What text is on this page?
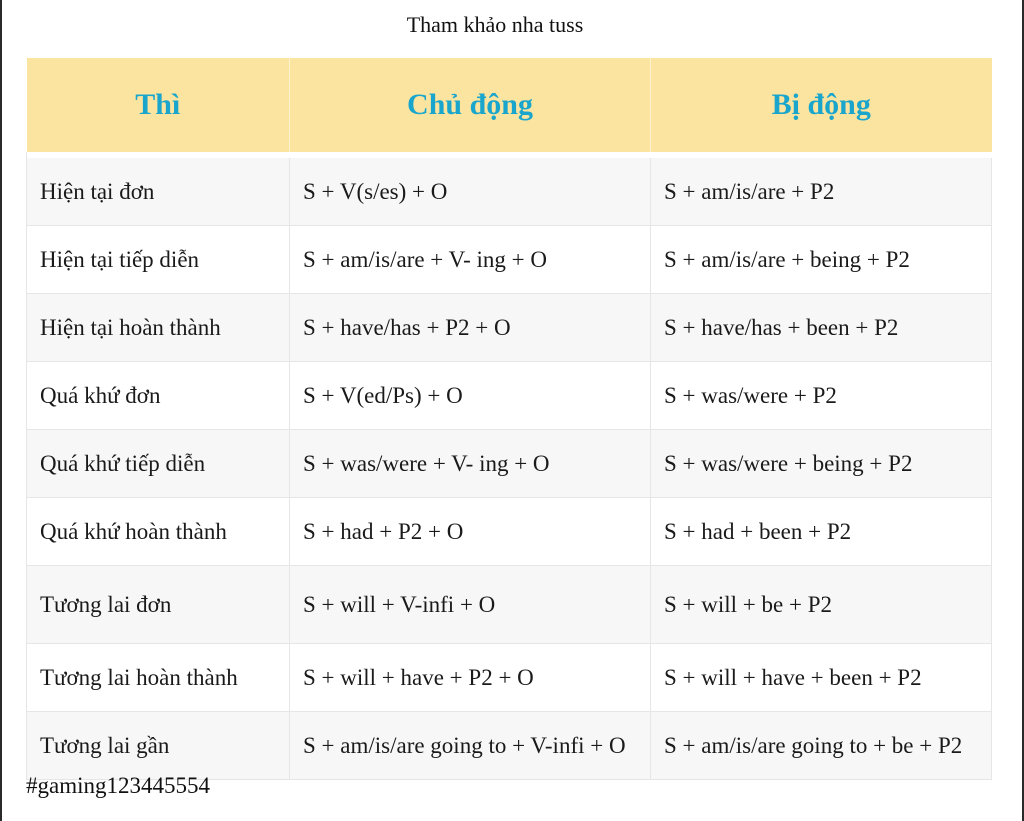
Tham khảo nha tuss
Thì	Chủ động	Bị động

Hiện tại đơn	S + V(s/es) + O	S + am/is/are + P2
Hiện tại tiếp diễn	S + am/is/are + V- ing + O	S + am/is/are + being + P2
Hiện tại hoàn thành	S + have/has + P2 + O	S + have/has + been + P2
Quá khứ đơn	S + V(ed/Ps) + O	S + was/were + P2
Quá khứ tiếp diễn	S + was/were + V- ing + O	S + was/were + being + P2
Quá khứ hoàn thành	S + had + P2 + O	S + had + been + P2
Tương lai đơn	S + will + V-infi + O	S + will + be + P2
Tương lai hoàn thành	S + will + have + P2 + O	S + will + have + been + P2
Tương lai gần	S + am/is/are going to + V-infi + O	S + am/is/are going to + be + P2
#gaming123445554
